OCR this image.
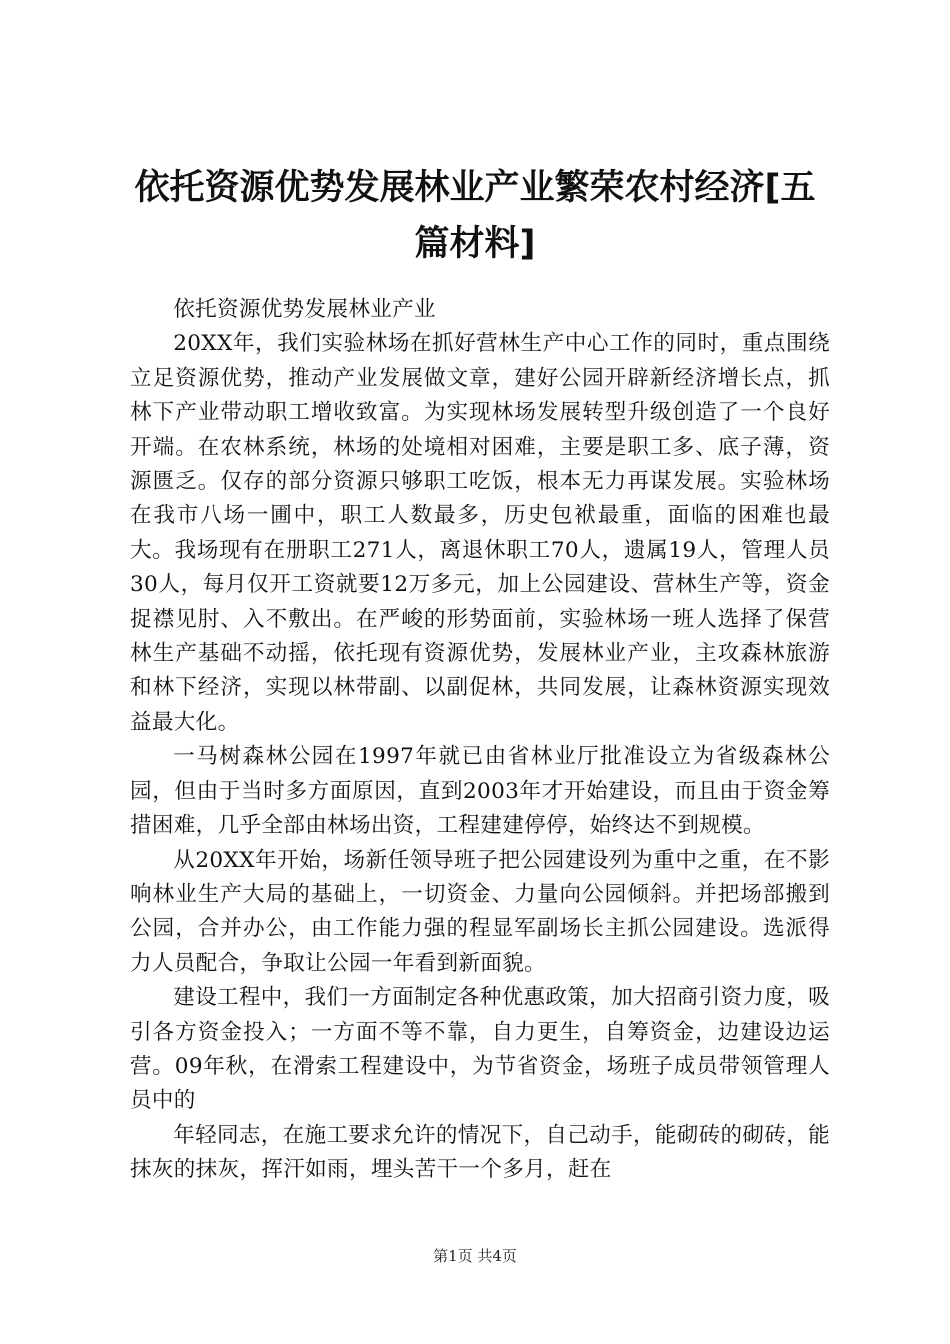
依托资源优势发展林业产业繁荣农村经济[五篇材料]

依托资源优势发展林业产业

20XX年，我们实验林场在抓好营林生产中心工作的同时，重点围绕立足资源优势，推动产业发展做文章，建好公园开辟新经济增长点，抓林下产业带动职工增收致富。为实现林场发展转型升级创造了一个良好开端。在农林系统，林场的处境相对困难，主要是职工多、底子薄，资源匮乏。仅存的部分资源只够职工吃饭，根本无力再谋发展。实验林场在我市八场一圃中，职工人数最多，历史包袱最重，面临的困难也最大。我场现有在册职工271人，离退休职工70人，遗属19人，管理人员30人，每月仅开工资就要12万多元，加上公园建设、营林生产等，资金捉襟见肘、入不敷出。在严峻的形势面前，实验林场一班人选择了保营林生产基础不动摇，依托现有资源优势，发展林业产业，主攻森林旅游和林下经济，实现以林带副、以副促林，共同发展，让森林资源实现效益最大化。

一马树森林公园在1997年就已由省林业厅批准设立为省级森林公园，但由于当时多方面原因，直到2003年才开始建设，而且由于资金筹措困难，几乎全部由林场出资，工程建建停停，始终达不到规模。

从20XX年开始，场新任领导班子把公园建设列为重中之重，在不影响林业生产大局的基础上，一切资金、力量向公园倾斜。并把场部搬到公园，合并办公，由工作能力强的程显军副场长主抓公园建设。选派得力人员配合，争取让公园一年看到新面貌。

建设工程中，我们一方面制定各种优惠政策，加大招商引资力度，吸引各方资金投入；一方面不等不靠，自力更生，自筹资金，边建设边运营。09年秋，在滑索工程建设中，为节省资金，场班子成员带领管理人员中的

年轻同志，在施工要求允许的情况下，自己动手，能砌砖的砌砖，能抹灰的抹灰，挥汗如雨，埋头苦干一个多月，赶在

第1页 共4页
